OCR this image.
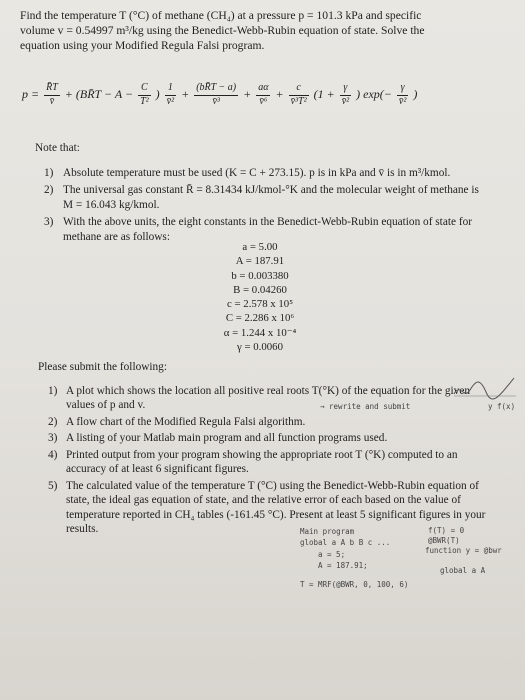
Find the temperature T (°C) of methane (CH₄) at a pressure p = 101.3 kPa and specific
volume v = 0.54997 m³/kg using the Benedict-Webb-Rubin equation of state. Solve the
equation using your Modified Regula Falsi program.
$p = \frac{R̄T}{v̄}$ + (BR̄T − $A - \frac{C}{\text{T²}}$ ) $\frac{1}{\text{v̄²}} + \frac{(bR̄T - a)}{\text{v̄³}} + \frac{a\alpha}{\text{v̄⁶}} + \frac{c}{\text{v̄³T²}} (1 + \frac{\gamma}{\text{v̄²}}$ ) $\exp(- \frac{\gamma}{\text{v̄²}}$ )
Note that:
1) Absolute temperature must be used (K = C + 273.15). p is in kPa and v̄ is in m³/kmol.
2) The universal gas constant R̄ = 8.31434 kJ/kmol-°K and the molecular weight of methane is M = 16.043 kg/kmol.
3) With the above units, the eight constants in the Benedict-Webb-Rubin equation of state for methane are as follows:
a = 5.00
A = 187.91
b = 0.003380
B = 0.04260
c = 2.578 x 10⁵
C = 2.286 x 10⁶
α = 1.244 x 10⁻⁴
γ = 0.0060
Please submit the following:
1) A plot which shows the location all positive real roots T(°K) of the equation for the given values of p and v.
2) A flow chart of the Modified Regula Falsi algorithm.
3) A listing of your Matlab main program and all function programs used.
4) Printed output from your program showing the appropriate root T (°K) computed to an accuracy of at least 6 significant figures.
5) The calculated value of the temperature T (°C) using the Benedict-Webb-Rubin equation of state, the ideal gas equation of state, and the relative error of each based on the value of temperature reported in CH₄ tables (-161.45 °C). Present at least 5 significant figures in your results.
y f(x)
→ rewrite and submit
Main program
global a A b B c ...
a = 5;
A = 187.91;
T = MRF(@BWR, 0, 100, 6)
f(T) = 0
@BWR(T)
function y = @bwr
global a A
